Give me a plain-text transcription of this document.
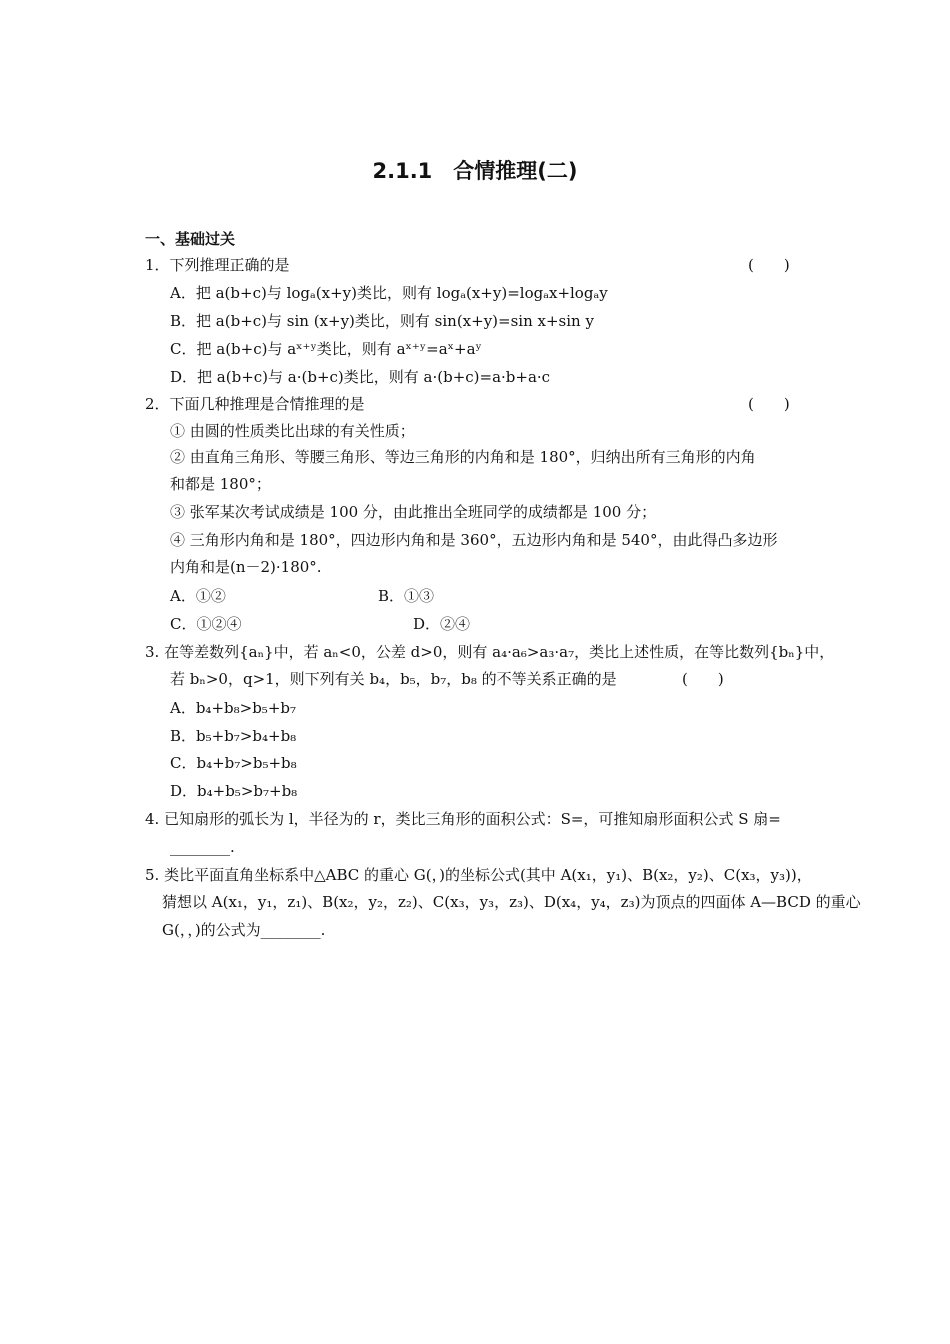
2.1.1　合情推理(二)
一、基础过关
1．下列推理正确的是	(　　)
A．把 a(b+c)与 logₐ(x+y)类比，则有 logₐ(x+y)=logₐx+logₐy
B．把 a(b+c)与 sin (x+y)类比，则有 sin(x+y)=sin x+sin y
C．把 a(b+c)与 aˣ⁺ʸ类比，则有 aˣ⁺ʸ=aˣ+aʸ
D．把 a(b+c)与 a·(b+c)类比，则有 a·(b+c)=a·b+a·c
2．下面几种推理是合情推理的是	(　　)
① 由圆的性质类比出球的有关性质；
② 由直角三角形、等腰三角形、等边三角形的内角和是 180°，归纳出所有三角形的内角
和都是 180°；
③ 张军某次考试成绩是 100 分，由此推出全班同学的成绩都是 100 分；
④ 三角形内角和是 180°，四边形内角和是 360°，五边形内角和是 540°，由此得凸多边形
内角和是(n－2)·180°.
A．①②	B．①③
C．①②④	D．②④
3. 在等差数列{aₙ}中，若 aₙ<0，公差 d>0，则有 a₄·a₆>a₃·a₇，类比上述性质，在等比数列{bₙ}中，
若 bₙ>0，q>1，则下列有关 b₄，b₅，b₇，b₈ 的不等关系正确的是	(　　)
A．b₄+b₈>b₅+b₇
B．b₅+b₇>b₄+b₈
C．b₄+b₇>b₅+b₈
D．b₄+b₅>b₇+b₈
4. 已知扇形的弧长为 l，半径为的 r，类比三角形的面积公式：S=，可推知扇形面积公式 S 扇=
________.
5. 类比平面直角坐标系中△ABC 的重心 G(，)的坐标公式(其中 A(x₁，y₁)、B(x₂，y₂)、C(x₃，y₃))，
猜想以 A(x₁，y₁，z₁)、B(x₂，y₂，z₂)、C(x₃，y₃，z₃)、D(x₄，y₄，z₃)为顶点的四面体 A—BCD 的重心
G(，，)的公式为________.
